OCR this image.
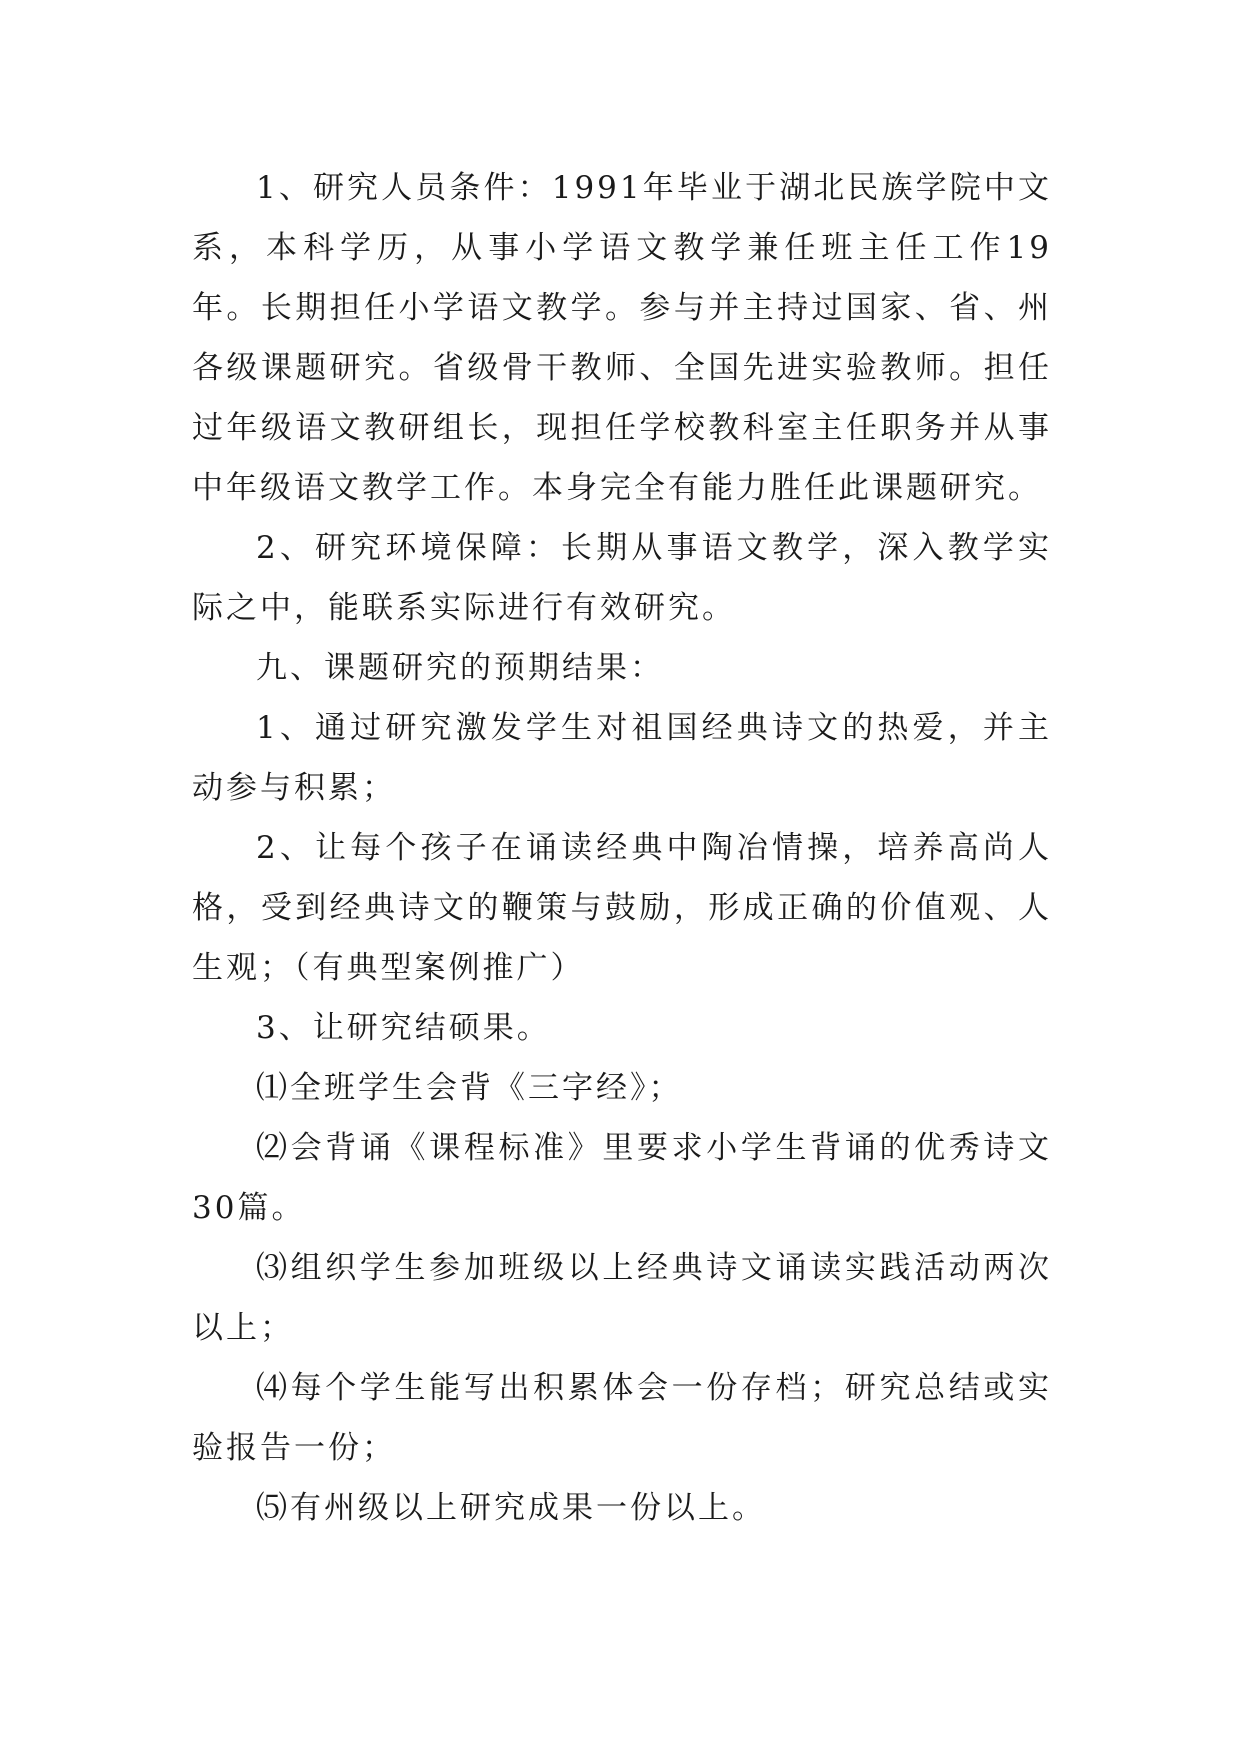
1、研究人员条件：1991年毕业于湖北民族学院中文系，本科学历，从事小学语文教学兼任班主任工作19年。长期担任小学语文教学。参与并主持过国家、省、州各级课题研究。省级骨干教师、全国先进实验教师。担任过年级语文教研组长，现担任学校教科室主任职务并从事中年级语文教学工作。本身完全有能力胜任此课题研究。

2、研究环境保障：长期从事语文教学，深入教学实际之中，能联系实际进行有效研究。

九、课题研究的预期结果：

1、通过研究激发学生对祖国经典诗文的热爱，并主动参与积累；

2、让每个孩子在诵读经典中陶冶情操，培养高尚人格，受到经典诗文的鞭策与鼓励，形成正确的价值观、人生观；（有典型案例推广）

3、让研究结硕果。

⑴全班学生会背《三字经》；

⑵会背诵《课程标准》里要求小学生背诵的优秀诗文30篇。

⑶组织学生参加班级以上经典诗文诵读实践活动两次以上；

⑷每个学生能写出积累体会一份存档；研究总结或实验报告一份；

⑸有州级以上研究成果一份以上。
